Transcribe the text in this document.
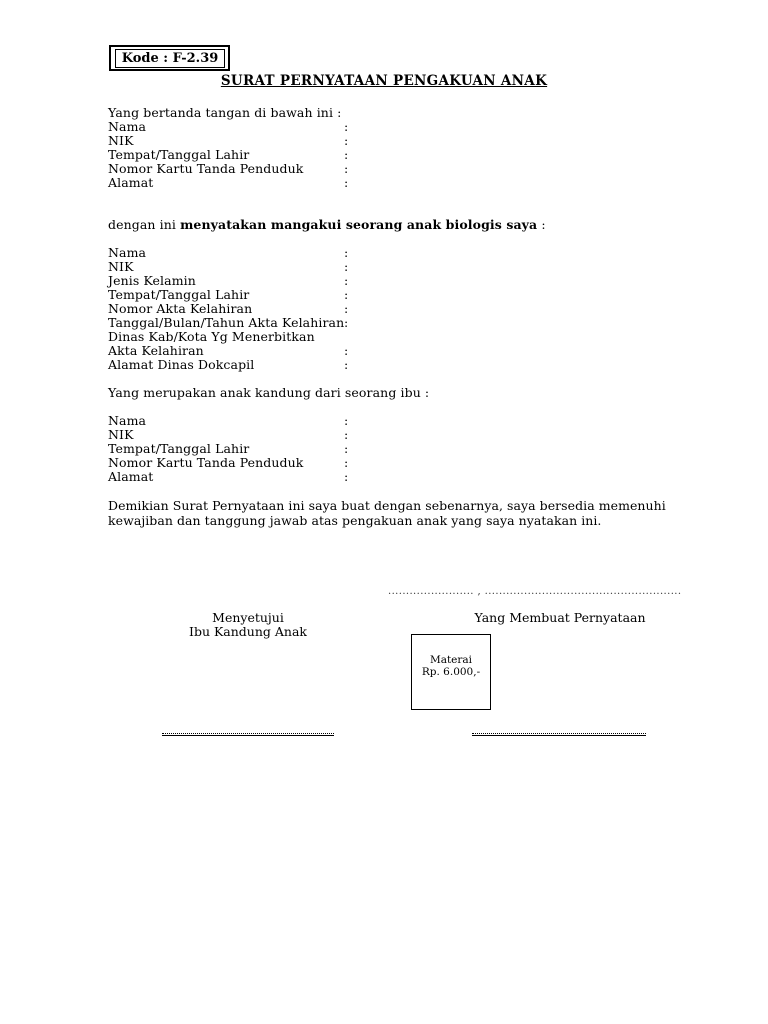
Kode : F-2.39
SURAT PERNYATAAN PENGAKUAN ANAK
Yang bertanda tangan di bawah ini :
Nama	:
NIK	:
Tempat/Tanggal Lahir	:
Nomor Kartu Tanda Penduduk	:
Alamat	:
dengan ini menyatakan mangakui seorang anak biologis saya :
Nama	:
NIK	:
Jenis Kelamin	:
Tempat/Tanggal Lahir	:
Nomor Akta Kelahiran	:
Tanggal/Bulan/Tahun Akta Kelahiran :
Dinas Kab/Kota Yg Menerbitkan
Akta Kelahiran	:
Alamat Dinas Dokcapil	:
Yang merupakan anak kandung dari seorang ibu :
Nama	:
NIK	:
Tempat/Tanggal Lahir	:
Nomor Kartu Tanda Penduduk	:
Alamat	:
Demikian Surat Pernyataan ini saya buat dengan sebenarnya, saya bersedia memenuhi kewajiban dan tanggung jawab atas pengakuan anak yang saya nyatakan ini.
........................ , .......................................................
Menyetujui
Ibu Kandung Anak
Yang Membuat Pernyataan
Materai
Rp. 6.000,-
